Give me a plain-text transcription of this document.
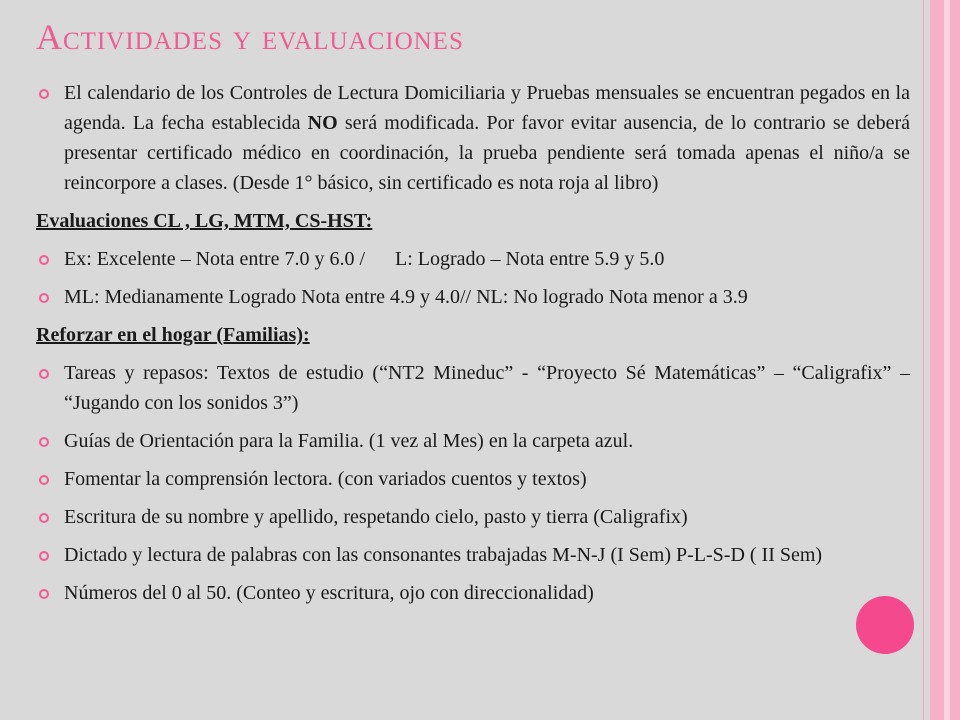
Actividades y evaluaciones
El calendario de los Controles de Lectura Domiciliaria y Pruebas mensuales se encuentran pegados en la agenda. La fecha establecida NO será modificada. Por favor evitar ausencia, de lo contrario se deberá presentar certificado médico en coordinación, la prueba pendiente será tomada apenas el niño/a se reincorpore a clases. (Desde 1° básico, sin certificado es nota roja al libro)
Evaluaciones CL , LG, MTM, CS-HST:
Ex: Excelente – Nota entre 7.0 y 6.0 / L: Logrado – Nota entre 5.9 y 5.0
ML: Medianamente Logrado Nota entre 4.9 y 4.0// NL: No logrado Nota menor a 3.9
Reforzar en el hogar (Familias):
Tareas y repasos: Textos de estudio (“NT2 Mineduc” - “Proyecto Sé Matemáticas” – “Caligrafix” – “Jugando con los sonidos 3”)
Guías de Orientación para la Familia. (1 vez al Mes) en la carpeta azul.
Fomentar la comprensión lectora. (con variados cuentos y textos)
Escritura de su nombre y apellido, respetando cielo, pasto y tierra (Caligrafix)
Dictado y lectura de palabras con las consonantes trabajadas M-N-J (I Sem) P-L-S-D ( II Sem)
Números del 0 al 50. (Conteo y escritura, ojo con direccionalidad)
